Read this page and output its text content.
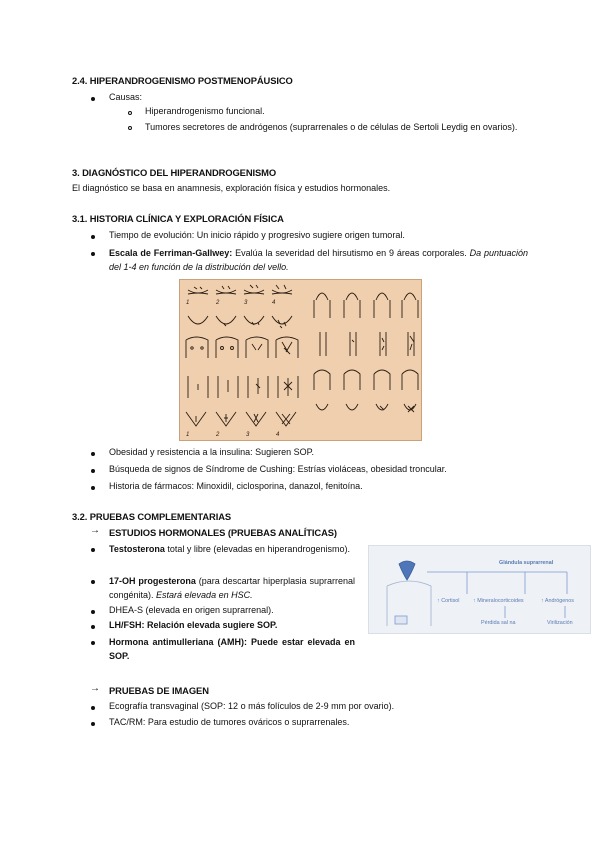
2.4. HIPERANDROGENISMO POSTMENOPÁUSICO
Causas:
Hiperandrogenismo funcional.
Tumores secretores de andrógenos (suprarrenales o de células de Sertoli Leydig en ovarios).
3. DIAGNÓSTICO DEL HIPERANDROGENISMO
El diagnóstico se basa en anamnesis, exploración física y estudios hormonales.
3.1. HISTORIA CLÍNICA Y EXPLORACIÓN FÍSICA
Tiempo de evolución: Un inicio rápido y progresivo sugiere origen tumoral.
Escala de Ferriman-Gallwey: Evalúa la severidad del hirsutismo en 9 áreas corporales. Da puntuación del 1-4 en función de la distribución del vello.
1	2	3	4
1	2	3	4
Obesidad y resistencia a la insulina: Sugieren SOP.
Búsqueda de signos de Síndrome de Cushing: Estrías violáceas, obesidad troncular.
Historia de fármacos: Minoxidil, ciclosporina, danazol, fenitoína.
3.2. PRUEBAS COMPLEMENTARIAS
→ ESTUDIOS HORMONALES (PRUEBAS ANALÍTICAS)
Testosterona total y libre (elevadas en hiperandrogenismo).
17-OH progesterona (para descartar hiperplasia suprarrenal congénita). Estará elevada en HSC.
DHEA-S (elevada en origen suprarrenal).
LH/FSH: Relación elevada sugiere SOP.
Hormona antimulleriana (AMH): Puede estar elevada en SOP.
Glándula suprarrenal
↑ Cortisol	↑ Mineralocorticoides	↑ Andrógenos
Pérdida sal na	Virilización
→ PRUEBAS DE IMAGEN
Ecografía transvaginal (SOP: 12 o más folículos de 2-9 mm por ovario).
TAC/RM: Para estudio de tumores ováricos o suprarrenales.
